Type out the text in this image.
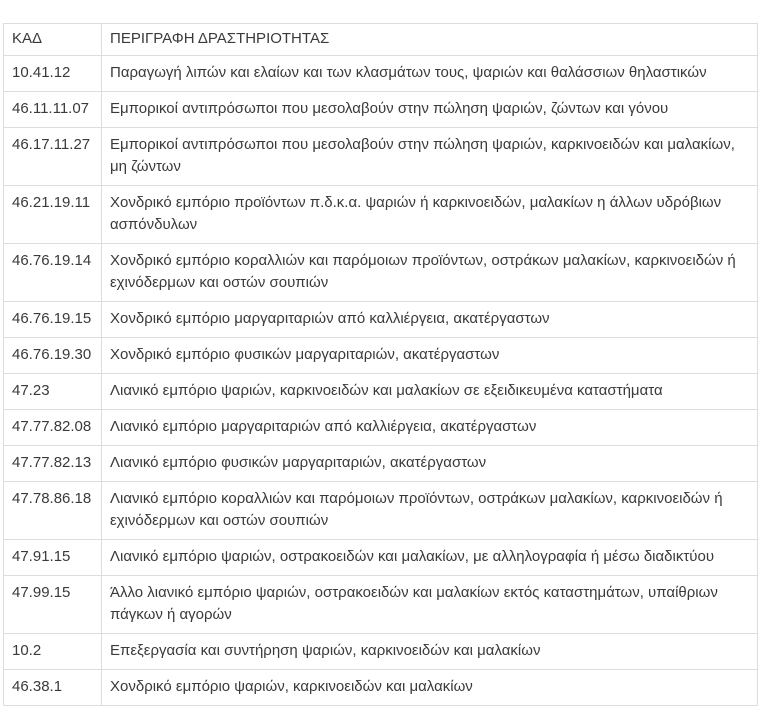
ΚΑΔ	ΠΕΡΙΓΡΑΦΗ ΔΡΑΣΤΗΡΙΟΤΗΤΑΣ
10.41.12	Παραγωγή λιπών και ελαίων και των κλασμάτων τους, ψαριών και θαλάσσιων θηλαστικών
46.11.11.07	Εμπορικοί αντιπρόσωποι που μεσολαβούν στην πώληση ψαριών, ζώντων και γόνου
46.17.11.27	Εμπορικοί αντιπρόσωποι που μεσολαβούν στην πώληση ψαριών, καρκινοειδών και μαλακίων, μη ζώντων
46.21.19.11	Χονδρικό εμπόριο προϊόντων π.δ.κ.α. ψαριών ή καρκινοειδών, μαλακίων η άλλων υδρόβιων ασπόνδυλων
46.76.19.14	Χονδρικό εμπόριο κοραλλιών και παρόμοιων προϊόντων, οστράκων μαλακίων, καρκινοειδών ή εχινόδερμων και οστών σουπιών
46.76.19.15	Χονδρικό εμπόριο μαργαριταριών από καλλιέργεια, ακατέργαστων
46.76.19.30	Χονδρικό εμπόριο φυσικών μαργαριταριών, ακατέργαστων
47.23	Λιανικό εμπόριο ψαριών, καρκινοειδών και μαλακίων σε εξειδικευμένα καταστήματα
47.77.82.08	Λιανικό εμπόριο μαργαριταριών από καλλιέργεια, ακατέργαστων
47.77.82.13	Λιανικό εμπόριο φυσικών μαργαριταριών, ακατέργαστων
47.78.86.18	Λιανικό εμπόριο κοραλλιών και παρόμοιων προϊόντων, οστράκων μαλακίων, καρκινοειδών ή εχινόδερμων και οστών σουπιών
47.91.15	Λιανικό εμπόριο ψαριών, οστρακοειδών και μαλακίων, με αλληλογραφία ή μέσω διαδικτύου
47.99.15	Άλλο λιανικό εμπόριο ψαριών, οστρακοειδών και μαλακίων εκτός καταστημάτων, υπαίθριων πάγκων ή αγορών
10.2	Επεξεργασία και συντήρηση ψαριών, καρκινοειδών και μαλακίων
46.38.1	Χονδρικό εμπόριο ψαριών, καρκινοειδών και μαλακίων
